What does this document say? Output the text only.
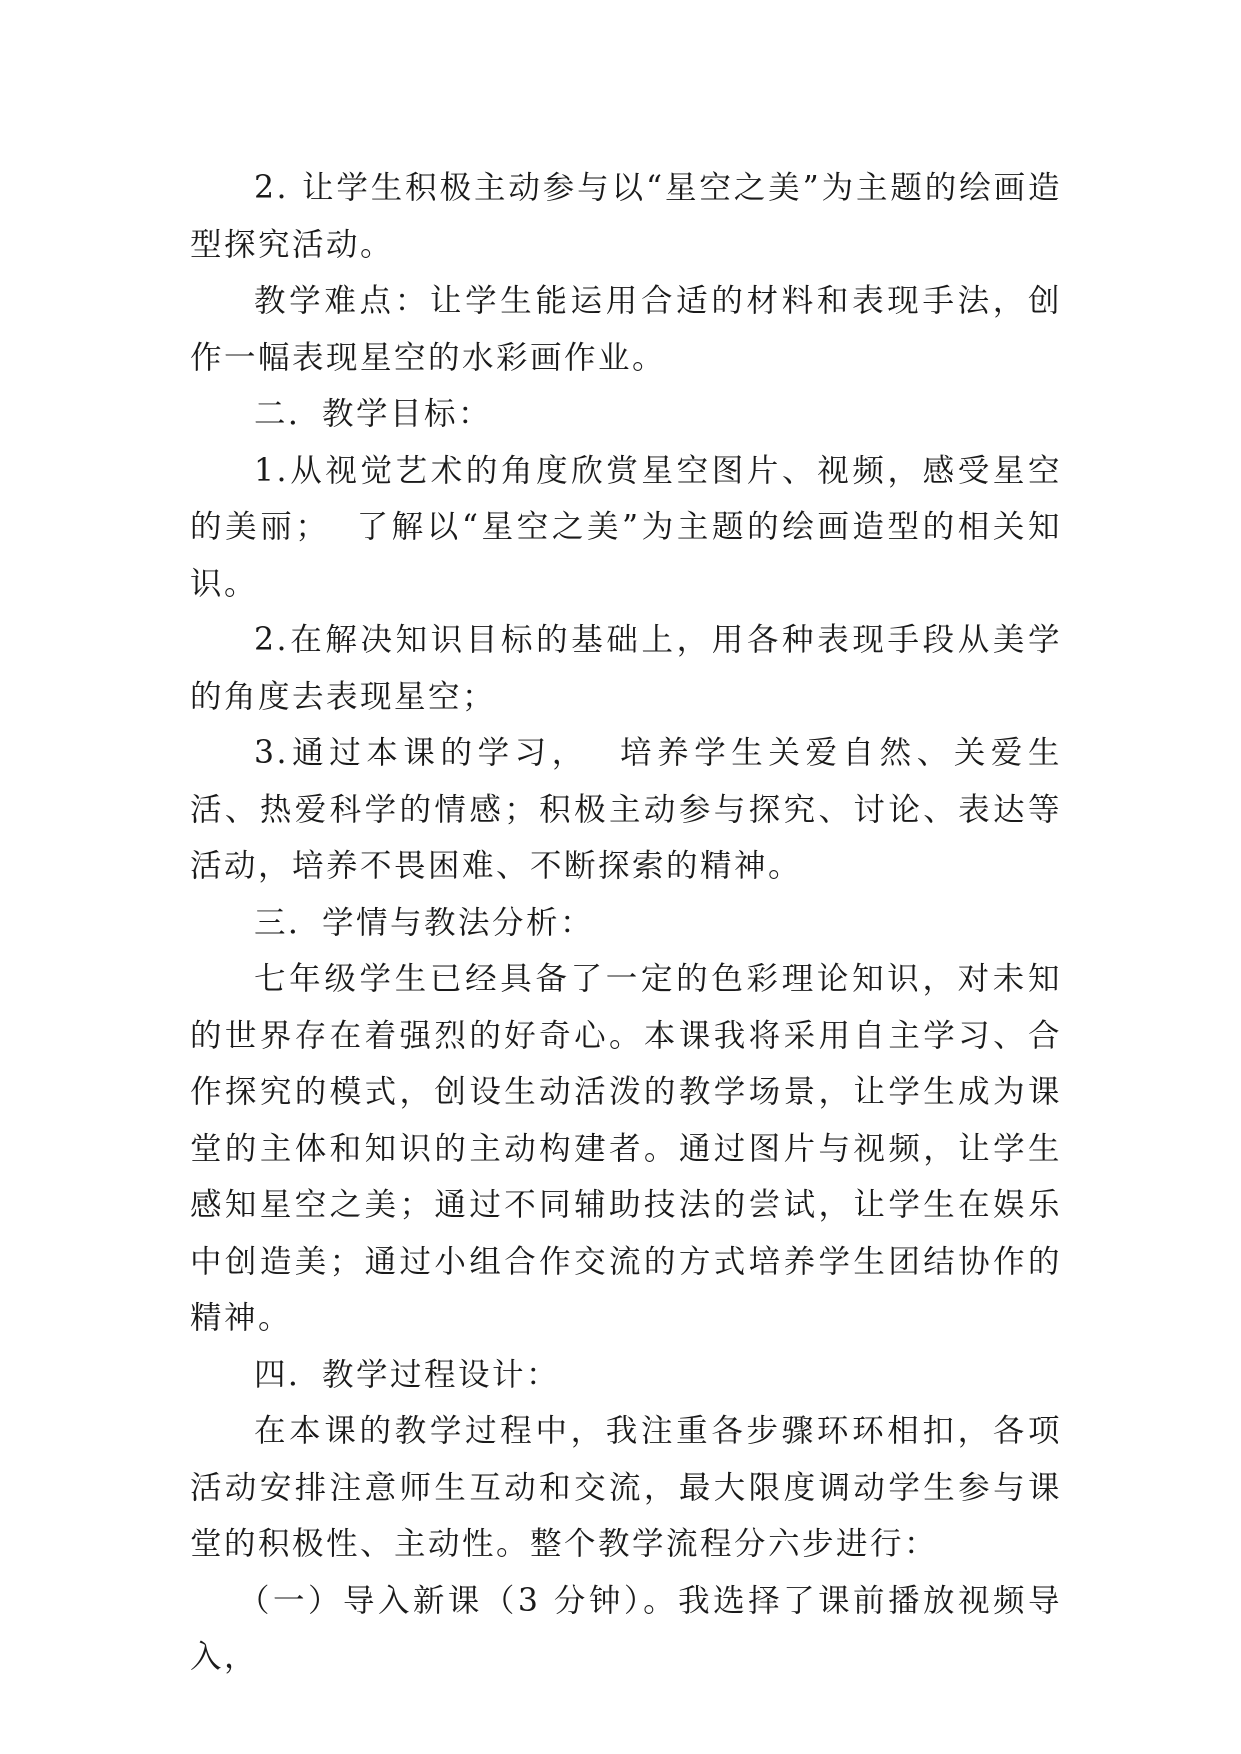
2. 让学生积极主动参与以“星空之美”为主题的绘画造型探究活动。

教学难点：让学生能运用合适的材料和表现手法，创作一幅表现星空的水彩画作业。

二．教学目标：

1.从视觉艺术的角度欣赏星空图片、视频，感受星空的美丽；  了解以“星空之美”为主题的绘画造型的相关知识。

2.在解决知识目标的基础上，用各种表现手段从美学的角度去表现星空；

3.通过本课的学习，  培养学生关爱自然、关爱生活、热爱科学的情感；积极主动参与探究、讨论、表达等活动，培养不畏困难、不断探索的精神。

三．学情与教法分析：

七年级学生已经具备了一定的色彩理论知识，对未知的世界存在着强烈的好奇心。本课我将采用自主学习、合作探究的模式，创设生动活泼的教学场景，让学生成为课堂的主体和知识的主动构建者。通过图片与视频，让学生感知星空之美；通过不同辅助技法的尝试，让学生在娱乐中创造美；通过小组合作交流的方式培养学生团结协作的精神。

四．教学过程设计：

在本课的教学过程中，我注重各步骤环环相扣，各项活动安排注意师生互动和交流，最大限度调动学生参与课堂的积极性、主动性。整个教学流程分六步进行：

（一）导入新课（3 分钟）。我选择了课前播放视频导入，
